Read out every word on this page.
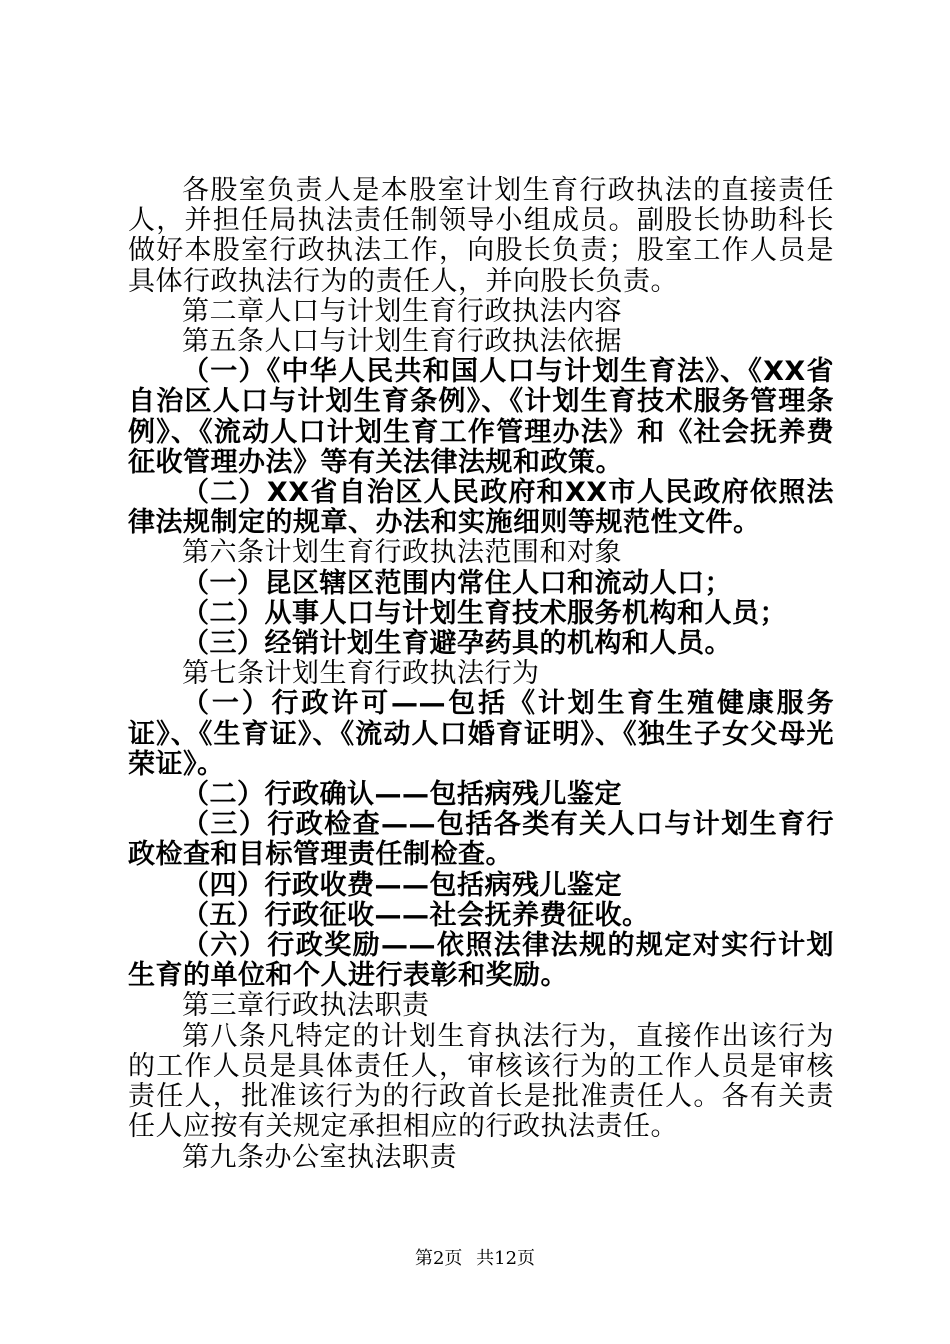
各股室负责人是本股室计划生育行政执法的直接责任人，并担任局执法责任制领导小组成员。副股长协助科长做好本股室行政执法工作，向股长负责；股室工作人员是具体行政执法行为的责任人，并向股长负责。

第二章人口与计划生育行政执法内容

第五条人口与计划生育行政执法依据

（一）《中华人民共和国人口与计划生育法》、《XX省自治区人口与计划生育条例》、《计划生育技术服务管理条例》、《流动人口计划生育工作管理办法》和《社会抚养费征收管理办法》等有关法律法规和政策。

（二）XX省自治区人民政府和XX市人民政府依照法律法规制定的规章、办法和实施细则等规范性文件。

第六条计划生育行政执法范围和对象

（一）昆区辖区范围内常住人口和流动人口；

（二）从事人口与计划生育技术服务机构和人员；

（三）经销计划生育避孕药具的机构和人员。

第七条计划生育行政执法行为

（一）行政许可——包括《计划生育生殖健康服务证》、《生育证》、《流动人口婚育证明》、《独生子女父母光荣证》。

（二）行政确认——包括病残儿鉴定

（三）行政检查——包括各类有关人口与计划生育行政检查和目标管理责任制检查。

（四）行政收费——包括病残儿鉴定

（五）行政征收——社会抚养费征收。

（六）行政奖励——依照法律法规的规定对实行计划生育的单位和个人进行表彰和奖励。

第三章行政执法职责

第八条凡特定的计划生育执法行为，直接作出该行为的工作人员是具体责任人，审核该行为的工作人员是审核责任人，批准该行为的行政首长是批准责任人。各有关责任人应按有关规定承担相应的行政执法责任。

第九条办公室执法职责

第2页 共12页
